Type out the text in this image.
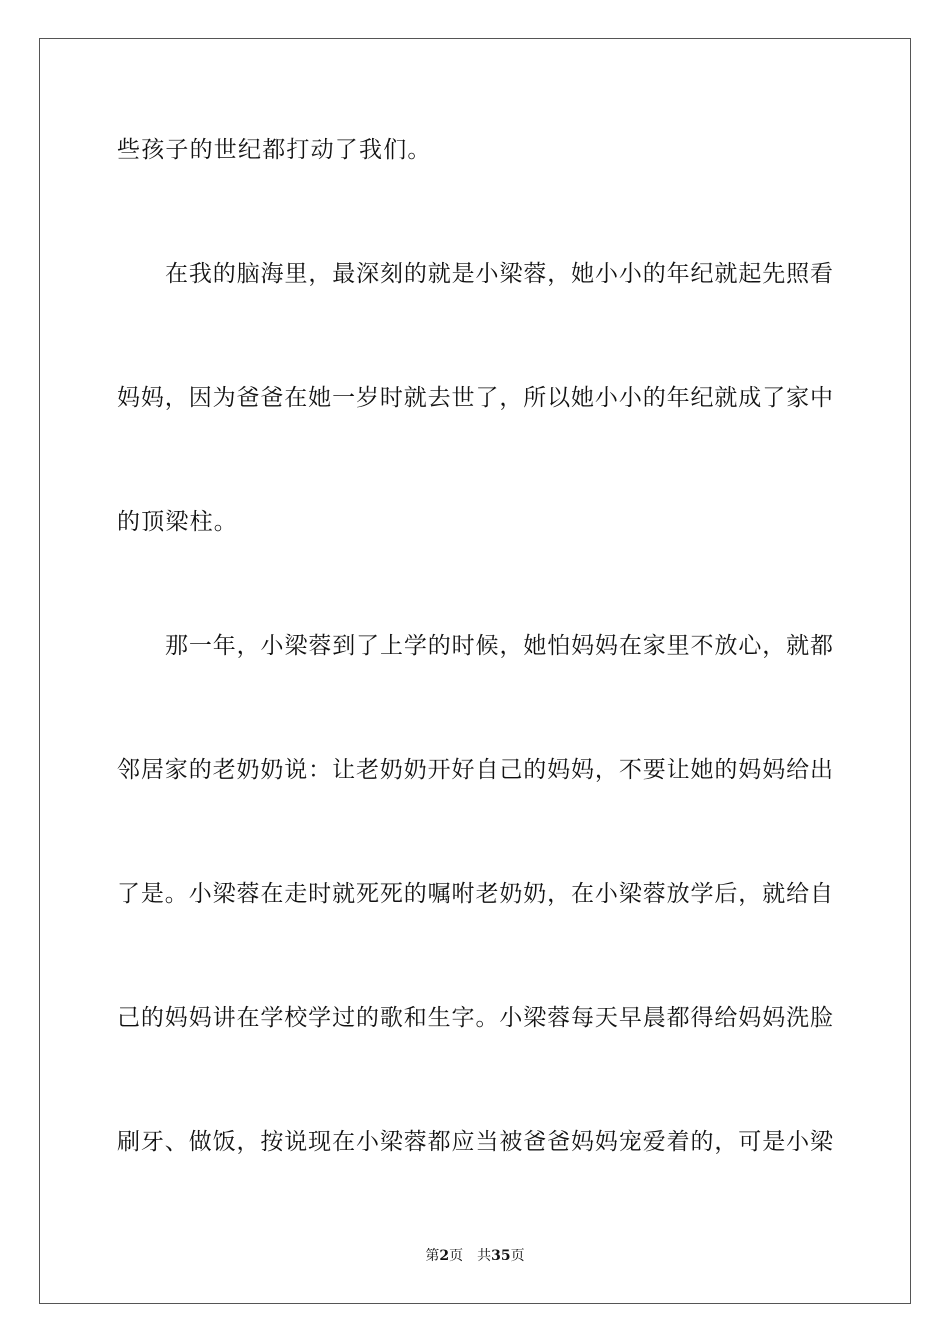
些孩子的世纪都打动了我们。
在我的脑海里，最深刻的就是小梁蓉，她小小的年纪就起先照看
妈妈，因为爸爸在她一岁时就去世了，所以她小小的年纪就成了家中
的顶梁柱。
那一年，小梁蓉到了上学的时候，她怕妈妈在家里不放心，就都
邻居家的老奶奶说：让老奶奶开好自己的妈妈，不要让她的妈妈给出
了是。小梁蓉在走时就死死的嘱咐老奶奶，在小梁蓉放学后，就给自
己的妈妈讲在学校学过的歌和生字。小梁蓉每天早晨都得给妈妈洗脸
刷牙、做饭，按说现在小梁蓉都应当被爸爸妈妈宠爱着的，可是小梁
第2页 共35页
